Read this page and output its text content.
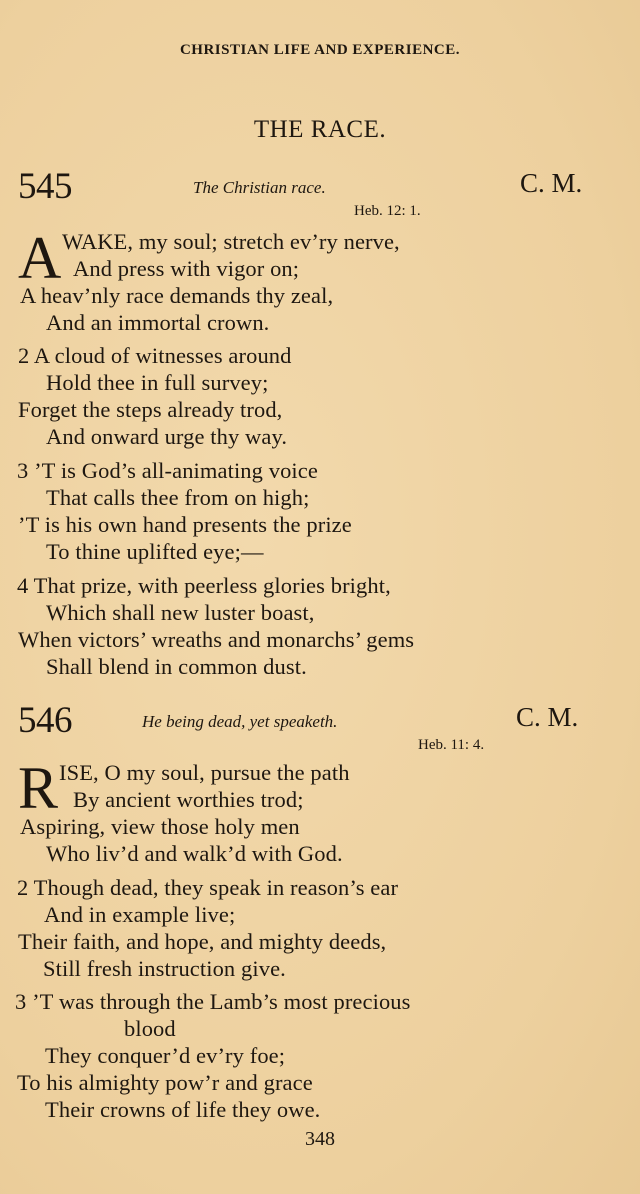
CHRISTIAN LIFE AND EXPERIENCE.
THE RACE.
545	The Christian race.	C. M.
Heb. 12: 1.
A WAKE, my soul; stretch ev’ry nerve,
And press with vigor on;
A heav’nly race demands thy zeal,
And an immortal crown.
2 A cloud of witnesses around
Hold thee in full survey;
Forget the steps already trod,
And onward urge thy way.
3 ’T is God’s all-animating voice
That calls thee from on high;
’T is his own hand presents the prize
To thine uplifted eye;—
4 That prize, with peerless glories bright,
Which shall new luster boast,
When victors’ wreaths and monarchs’ gems
Shall blend in common dust.
546	He being dead, yet speaketh.	C. M.
Heb. 11: 4.
R ISE, O my soul, pursue the path
By ancient worthies trod;
Aspiring, view those holy men
Who liv’d and walk’d with God.
2 Though dead, they speak in reason’s ear
And in example live;
Their faith, and hope, and mighty deeds,
Still fresh instruction give.
3 ’T was through the Lamb’s most precious
blood
They conquer’d ev’ry foe;
To his almighty pow’r and grace
Their crowns of life they owe.
348
